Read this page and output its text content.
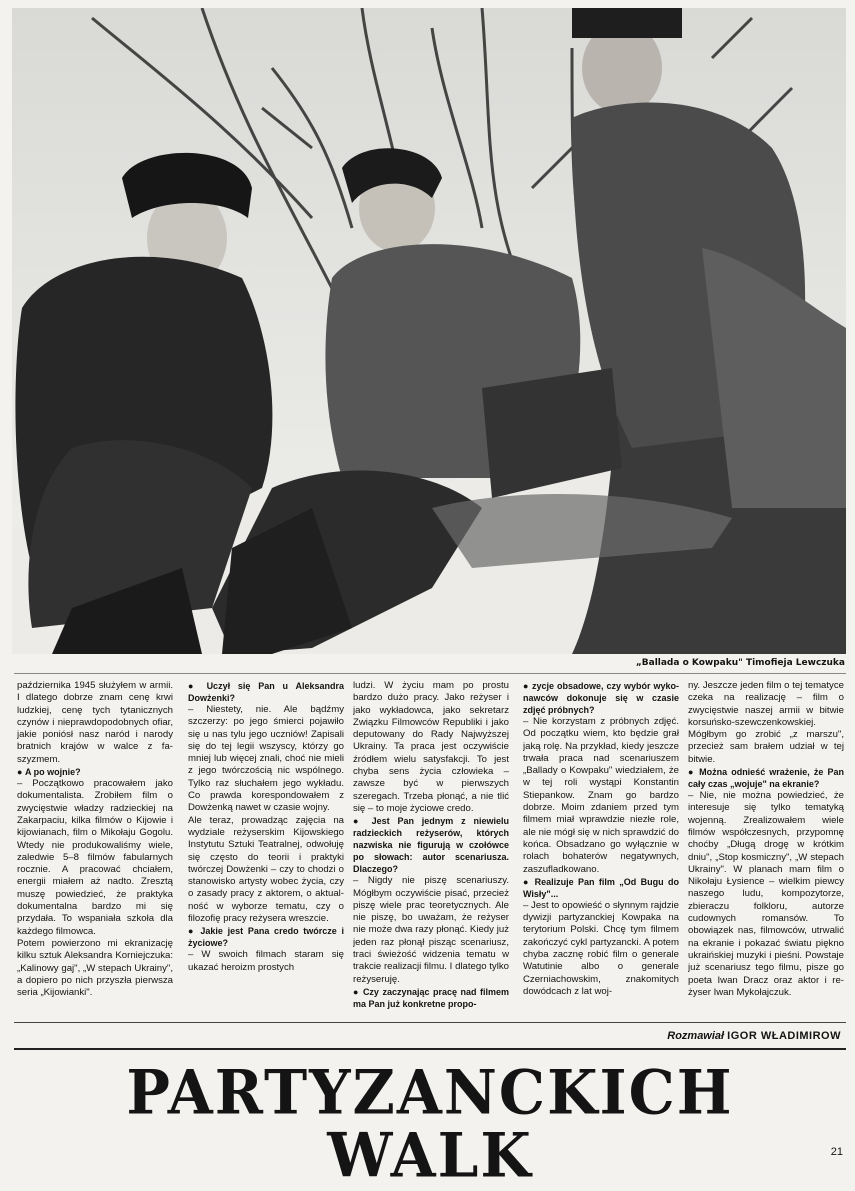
„Ballada o Kowpaku" Timofieja Lewczuka

października 1945 służyłem w armii. I dlatego dobrze znam cenę krwi ludzkiej, cenę tych tytanicznych czynów i nieprawdopodobnych ofiar, jakie poniósł nasz naród i narody bratnich krajów w walce z faszyzmem.

● A po wojnie?

– Początkowo pracowałem jako dokumentalista. Zrobiłem film o zwycięstwie władzy radzieckiej na Zakarpaciu, kilka filmów o Kijowie i kijowianach, film o Mikołaju Gogolu. Wtedy nie produkowaliśmy wiele, zaledwie 5–8 filmów fabularnych rocznie. A pracować chciałem, energii miałem aż nadto. Zresztą muszę powiedzieć, że praktyka dokumentalna bardzo mi się przydała. To wspaniała szkoła dla każdego filmowca.

Potem powierzono mi ekranizację kilku sztuk Aleksandra Korniejczuka: „Kalinowy gaj", „W stepach Ukrainy", a dopiero po nich przyszła pierwsza seria „Kijowianki".

● Uczył się Pan u Aleksandra Dowżenki?

– Niestety, nie. Ale bądźmy szczerzy: po jego śmierci pojawiło się u nas tylu jego uczniów! Zapisali się do tej legii wszyscy, którzy go mniej lub więcej znali, choć nie mieli z jego twórczością nic wspólnego. Tylko raz słuchałem jego wykładu. Co prawda korespondowałem z Dowżenką nawet w czasie wojny.

Ale teraz, prowadząc zajęcia na wydziale reżyserskim Kijowskiego Instytutu Sztuki Teatralnej, odwołuję się często do teorii i praktyki twórczej Dowżenki – czy to chodzi o stanowisko artysty wobec życia, czy o zasady pracy z aktorem, o aktualność w wyborze tematu, czy o filozofię pracy reżysera wreszcie.

● Jakie jest Pana credo twórcze i życiowe?

– W swoich filmach staram się ukazać heroizm prostych

ludzi. W życiu mam po prostu bardzo dużo pracy. Jako reżyser i jako wykładowca, jako sekretarz Związku Filmowców Republiki i jako deputowany do Rady Najwyższej Ukrainy. Ta praca jest oczywiście źródłem wielu satysfakcji. To jest chyba sens życia człowieka – zawsze być w pierwszych szeregach. Trzeba płonąć, a nie tlić się – to moje życiowe credo.

● Jest Pan jednym z niewielu radzieckich reżyserów, których nazwiska nie figurują w czołówce po słowach: autor scenariusza. Dlaczego?

– Nigdy nie piszę scenariuszy. Mógłbym oczywiście pisać, przecież piszę wiele prac teoretycznych. Ale nie piszę, bo uważam, że reżyser nie może dwa razy płonąć. Kiedy już jeden raz płonął pisząc scenariusz, traci świeżość widzenia tematu w trakcie realizacji filmu. I dlatego tylko reżyseruję.

● Czy zaczynając pracę nad filmem ma Pan już konkretne propo-

● zycje obsadowe, czy wybór wykonawców dokonuje się w czasie zdjęć próbnych?

– Nie korzystam z próbnych zdjęć. Od początku wiem, kto będzie grał jaką rolę. Na przykład, kiedy jeszcze trwała praca nad scenariuszem „Ballady o Kowpaku" wiedziałem, że w tej roli wystąpi Konstantin Stiepankow. Znam go bardzo dobrze. Moim zdaniem przed tym filmem miał wprawdzie niezłe role, ale nie mógł się w nich sprawdzić do końca. Obsadzano go wyłącznie w rolach bohaterów negatywnych, zaszufladkowano.

● Realizuje Pan film „Od Bugu do Wisły"...

– Jest to opowieść o słynnym rajdzie dywizji partyzanckiej Kowpaka na terytorium Polski. Chcę tym filmem zakończyć cykl partyzancki. A potem chyba zacznę robić film o generale Watutinie albo o generale Czerniachowskim, znakomitych dowódcach z lat woj-

ny. Jeszcze jeden film o tej tematyce czeka na realizację – film o zwycięstwie naszej armii w bitwie korsuńsko-szewczenkowskiej. Mógłbym go zrobić „z marszu", przecież sam brałem udział w tej bitwie.

● Można odnieść wrażenie, że Pan cały czas „wojuje" na ekranie?

– Nie, nie można powiedzieć, że interesuje się tylko tematyką wojenną. Zrealizowałem wiele filmów współczesnych, przypomnę choćby „Długą drogę w krótkim dniu", „Stop kosmiczny", „W stepach Ukrainy". W planach mam film o Nikołaju Łysience – wielkim piewcy naszego ludu, kompozytorze, zbieraczu folkloru, autorze cudownych romansów. To obowiązek nas, filmowców, utrwalić na ekranie i pokazać światu piękno ukraińskiej muzyki i pieśni. Powstaje już scenariusz tego filmu, pisze go poeta Iwan Dracz oraz aktor i reżyser Iwan Mykołajczuk.

Rozmawiał IGOR WŁADIMIROW
PARTYZANCKICH WALK	21
